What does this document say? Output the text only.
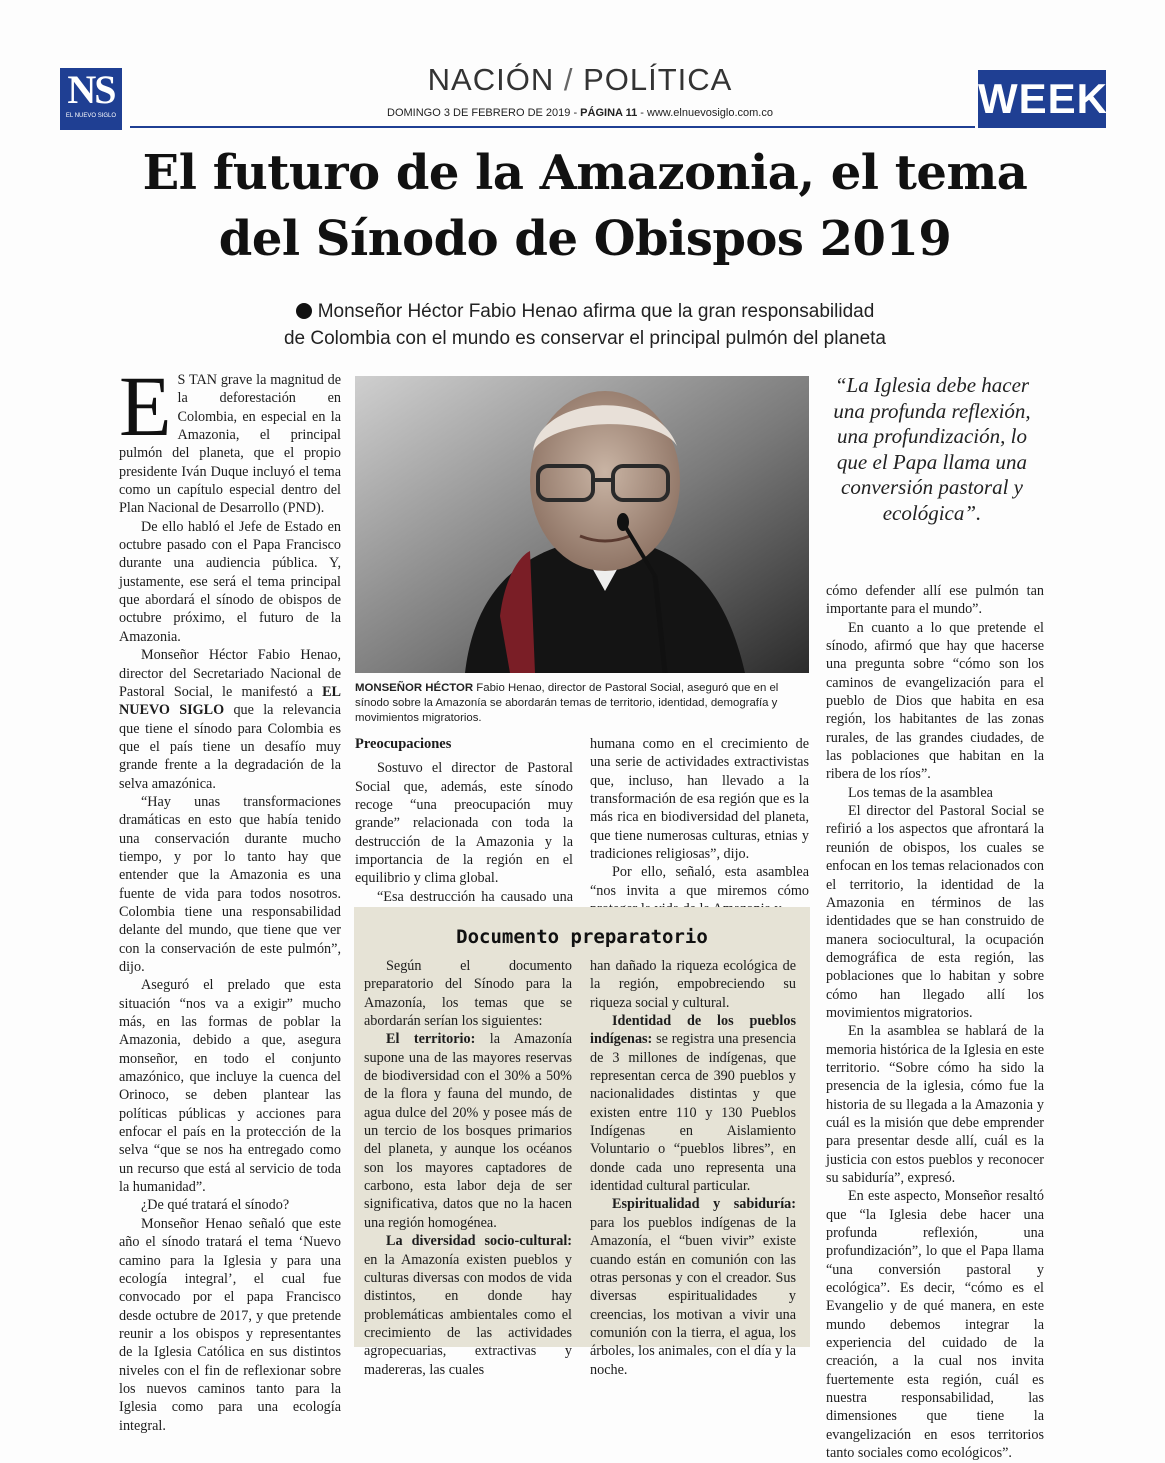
NS
EL NUEVO SIGLO
NACIÓN / POLÍTICA
DOMINGO 3 DE FEBRERO DE 2019 - PÁGINA 11 - www.elnuevosiglo.com.co	WEEK
El futuro de la Amazonia, el tema
del Sínodo de Obispos 2019
Monseñor Héctor Fabio Henao afirma que la gran responsabilidad
de Colombia con el mundo es conservar el principal pulmón del planeta

E S TAN grave la magnitud de la deforestación en Colombia, en especial en la Amazonia, el principal pulmón del planeta, que el propio presidente Iván Duque incluyó el tema como un capítulo especial dentro del Plan Nacional de Desarrollo (PND).

De ello habló el Jefe de Estado en octubre pasado con el Papa Francisco durante una audiencia pública. Y, justamente, ese será el tema principal que abordará el sínodo de obispos de octubre próximo, el futuro de la Amazonia.

Monseñor Héctor Fabio Henao, director del Secretariado Nacional de Pastoral Social, le manifestó a EL NUEVO SIGLO que la relevancia que tiene el sínodo para Colombia es que el país tiene un desafío muy grande frente a la degradación de la selva amazónica.

“Hay unas transformaciones dramáticas en esto que había tenido una conservación durante mucho tiempo, y por lo tanto hay que entender que la Amazonia es una fuente de vida para todos nosotros. Colombia tiene una responsabilidad delante del mundo, que tiene que ver con la conservación de este pulmón”, dijo.

Aseguró el prelado que esta situación “nos va a exigir” mucho más, en las formas de poblar la Amazonia, debido a que, asegura monseñor, en todo el conjunto amazónico, que incluye la cuenca del Orinoco, se deben plantear las políticas públicas y acciones para enfocar el país en la protección de la selva “que se nos ha entregado como un recurso que está al servicio de toda la humanidad”.

¿De qué tratará el sínodo?

Monseñor Henao señaló que este año el sínodo tratará el tema ‘Nuevo camino para la Iglesia y para una ecología integral’, el cual fue convocado por el papa Francisco desde octubre de 2017, y que pretende reunir a los obispos y representantes de la Iglesia Católica en sus distintos niveles con el fin de reflexionar sobre los nuevos caminos tanto para la Iglesia como para una ecología integral.

MONSEÑOR HÉCTOR Fabio Henao, director de Pastoral Social, aseguró que en el sínodo sobre la Amazonía se abordarán temas de territorio, identidad, demografía y movimientos migratorios.
Preocupaciones

Sostuvo el director de Pastoral Social que, además, este sínodo recoge “una preocupación muy grande” relacionada con toda la destrucción de la Amazonia y la importancia de la región en el equilibrio y clima global.

“Esa destrucción ha causado una

humana como en el crecimiento de una serie de actividades extractivistas que, incluso, han llevado a la transformación de esa región que es la más rica en biodiversidad del planeta, que tiene numerosas culturas, etnias y tradiciones religiosas”, dijo.

Por ello, señaló, esta asamblea “nos invita a que miremos cómo

“La Iglesia debe hacer una profunda reflexión, una profundización, lo que el Papa llama una conversión pastoral y ecológica”.

cómo defender allí ese pulmón tan importante para el mundo”.

En cuanto a lo que pretende el sínodo, afirmó que hay que hacerse una pregunta sobre “cómo son los caminos de evangelización para el pueblo de Dios que habita en esa región, los habitantes de las zonas rurales, de las grandes ciudades, de las poblaciones que habitan en la ribera de los ríos”.

Los temas de la asamblea

El director del Pastoral Social se refirió a los aspectos que afrontará la reunión de obispos, los cuales se enfocan en los temas relacionados con el territorio, la identidad de la Amazonia en términos de las identidades que se han construido de manera sociocultural, la ocupación demográfica de esta región, las poblaciones que lo habitan y sobre cómo han llegado allí los movimientos migratorios.

En la asamblea se hablará de la memoria histórica de la Iglesia en este territorio. “Sobre cómo ha sido la presencia de la iglesia, cómo fue la historia de su llegada a la Amazonia y cuál es la misión que debe emprender para presentar desde allí, cuál es la justicia con estos pueblos y reconocer su sabiduría”, expresó.

En este aspecto, Monseñor resaltó que “la Iglesia debe hacer una profunda reflexión, una profundización”, lo que el Papa llama “una conversión pastoral y ecológica”. Es decir, “cómo es el Evangelio y de qué manera, en este mundo debemos integrar la experiencia del cuidado de la creación, a la cual nos invita fuertemente esta región, cuál es nuestra responsabilidad, las dimensiones que tiene la evangelización en esos territorios tanto sociales como ecológicos”.

Documento preparatorio

Según el documento preparatorio del Sínodo para la Amazonía, los temas que se abordarán serían los siguientes:

El territorio: la Amazonía supone una de las mayores reservas de biodiversidad con el 30% a 50% de la flora y fauna del mundo, de agua dulce del 20% y posee más de un tercio de los bosques primarios del planeta, y aunque los océanos son los mayores captadores de carbono, esta labor deja de ser significativa, datos que no la hacen una región homogénea.

La diversidad socio-cultural: en la Amazonía existen pueblos y culturas diversas con modos de vida distintos, en donde hay problemáticas ambientales como el crecimiento de las actividades agropecuarias, extractivas y madereras, las cuales

han dañado la riqueza ecológica de la región, empobreciendo su riqueza social y cultural.

Identidad de los pueblos indígenas: se registra una presencia de 3 millones de indígenas, que representan cerca de 390 pueblos y nacionalidades distintas y que existen entre 110 y 130 Pueblos Indígenas en Aislamiento Voluntario o “pueblos libres”, en donde cada uno representa una identidad cultural particular.

Espiritualidad y sabiduría: para los pueblos indígenas de la Amazonía, el “buen vivir” existe cuando están en comunión con las otras personas y con el creador. Sus diversas espiritualidades y creencias, los motivan a vivir una comunión con la tierra, el agua, los árboles, los animales, con el día y la noche.
